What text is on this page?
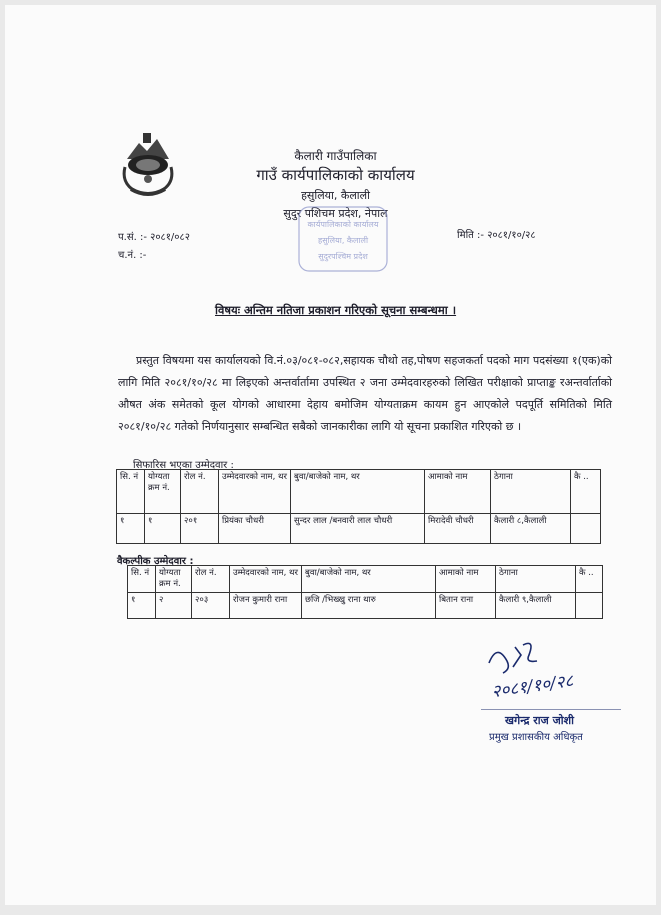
कैलारी गाउँपालिका
गाउँ कार्यपालिकाको कार्यालय
हसुलिया, कैलाली
सुदुर पशिचम प्रदेश, नेपाल
कार्यपालिकाको कार्यालय
हसुलिया, कैलाली
सुदुरपश्चिम प्रदेश
प.सं. :- २०८१/०८२
च.नं. :-
मिति :- २०८१/१०/२८
विषयः अन्तिम नतिजा प्रकाशन गरिएको सूचना सम्बन्धमा ।
प्रस्तुत विषयमा यस कार्यालयको वि.नं.०३/०८१-०८२,सहायक चौथो तह,पोषण सहजकर्ता पदको माग पदसंख्या १(एक)को लागि मिति २०८१/१०/२८ मा लिइएको अन्तर्वार्तामा उपस्थित २ जना उम्मेदवारहरुको लिखित परीक्षाको प्राप्ताङ्क रअन्तर्वार्ताको औषत अंक समेतको कूल योगको आधारमा देहाय बमोजिम योग्यताक्रम कायम हुन आएकोले पदपूर्ति समितिको मिति २०८१/१०/२८ गतेको निर्णयानुसार सम्बन्धित सबैको जानकारीका लागि यो सूचना प्रकाशित गरिएको छ ।
सिफारिस भएका उम्मेदवार :
सि. नं	योग्यता क्रम नं.	रोल नं.	उम्मेदवारको नाम, थर	बुवा/बाजेको नाम, थर	आमाको नाम	ठेगाना	कै ..
१	१	२०१	प्रियंका चौधरी	सुन्दर लाल /बनवारी लाल चौधरी	मिरादेवी चौधरी	कैलारी ८,कैलाली	
वैकल्पीक उम्मेदवार :
सि. नं	योग्यता क्रम नं.	रोल नं.	उम्मेदवारको नाम, थर	बुवा/बाजेको नाम, थर	आमाको नाम	ठेगाना	कै ..
१	२	२०३	रोजन कुमारी राना	छजि /भिख्खु राना थारु	बितान राना	कैलारी ९,कैलाली	
२०८१/१०/२८
खगेन्द्र राज जोशी
प्रमुख प्रशासकीय अधिकृत
